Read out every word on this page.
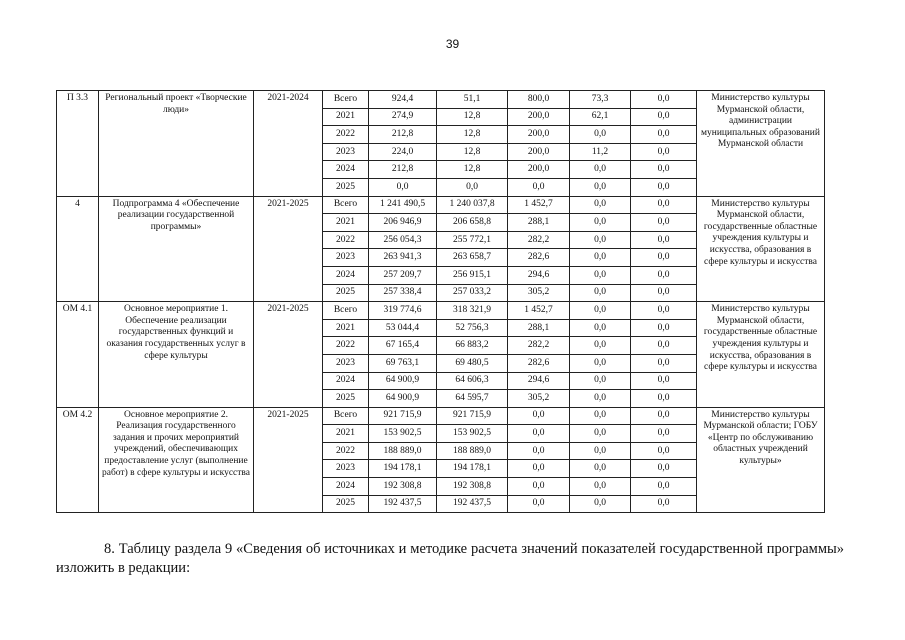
39
П 3.3	Региональный проект «Творческие люди»	2021-2024	Всего	924,4	51,1	800,0	73,3	0,0	Министерство культуры Мурманской области, администрации муниципальных образований Мурманской области
			2021	274,9	12,8	200,0	62,1	0,0	
			2022	212,8	12,8	200,0	0,0	0,0	
			2023	224,0	12,8	200,0	11,2	0,0	
			2024	212,8	12,8	200,0	0,0	0,0	
			2025	0,0	0,0	0,0	0,0	0,0	
4	Подпрограмма 4 «Обеспечение реализации государственной программы»	2021-2025	Всего	1 241 490,5	1 240 037,8	1 452,7	0,0	0,0	Министерство культуры Мурманской области, государственные областные учреждения культуры и искусства, образования в сфере культуры и искусства
			2021	206 946,9	206 658,8	288,1	0,0	0,0	
			2022	256 054,3	255 772,1	282,2	0,0	0,0	
			2023	263 941,3	263 658,7	282,6	0,0	0,0	
			2024	257 209,7	256 915,1	294,6	0,0	0,0	
			2025	257 338,4	257 033,2	305,2	0,0	0,0	
ОМ 4.1	Основное мероприятие 1. Обеспечение реализации государственных функций и оказания государственных услуг в сфере культуры	2021-2025	Всего	319 774,6	318 321,9	1 452,7	0,0	0,0	Министерство культуры Мурманской области, государственные областные учреждения культуры и искусства, образования в сфере культуры и искусства
			2021	53 044,4	52 756,3	288,1	0,0	0,0	
			2022	67 165,4	66 883,2	282,2	0,0	0,0	
			2023	69 763,1	69 480,5	282,6	0,0	0,0	
			2024	64 900,9	64 606,3	294,6	0,0	0,0	
			2025	64 900,9	64 595,7	305,2	0,0	0,0	
ОМ 4.2	Основное мероприятие 2. Реализация государственного задания и прочих мероприятий учреждений, обеспечивающих предоставление услуг (выполнение работ) в сфере культуры и искусства	2021-2025	Всего	921 715,9	921 715,9	0,0	0,0	0,0	Министерство культуры Мурманской области; ГОБУ «Центр по обслуживанию областных учреждений культуры»
			2021	153 902,5	153 902,5	0,0	0,0	0,0	
			2022	188 889,0	188 889,0	0,0	0,0	0,0	
			2023	194 178,1	194 178,1	0,0	0,0	0,0	
			2024	192 308,8	192 308,8	0,0	0,0	0,0	
			2025	192 437,5	192 437,5	0,0	0,0	0,0	

8. Таблицу раздела 9 «Сведения об источниках и методике расчета значений показателей государственной программы» изложить в редакции:
